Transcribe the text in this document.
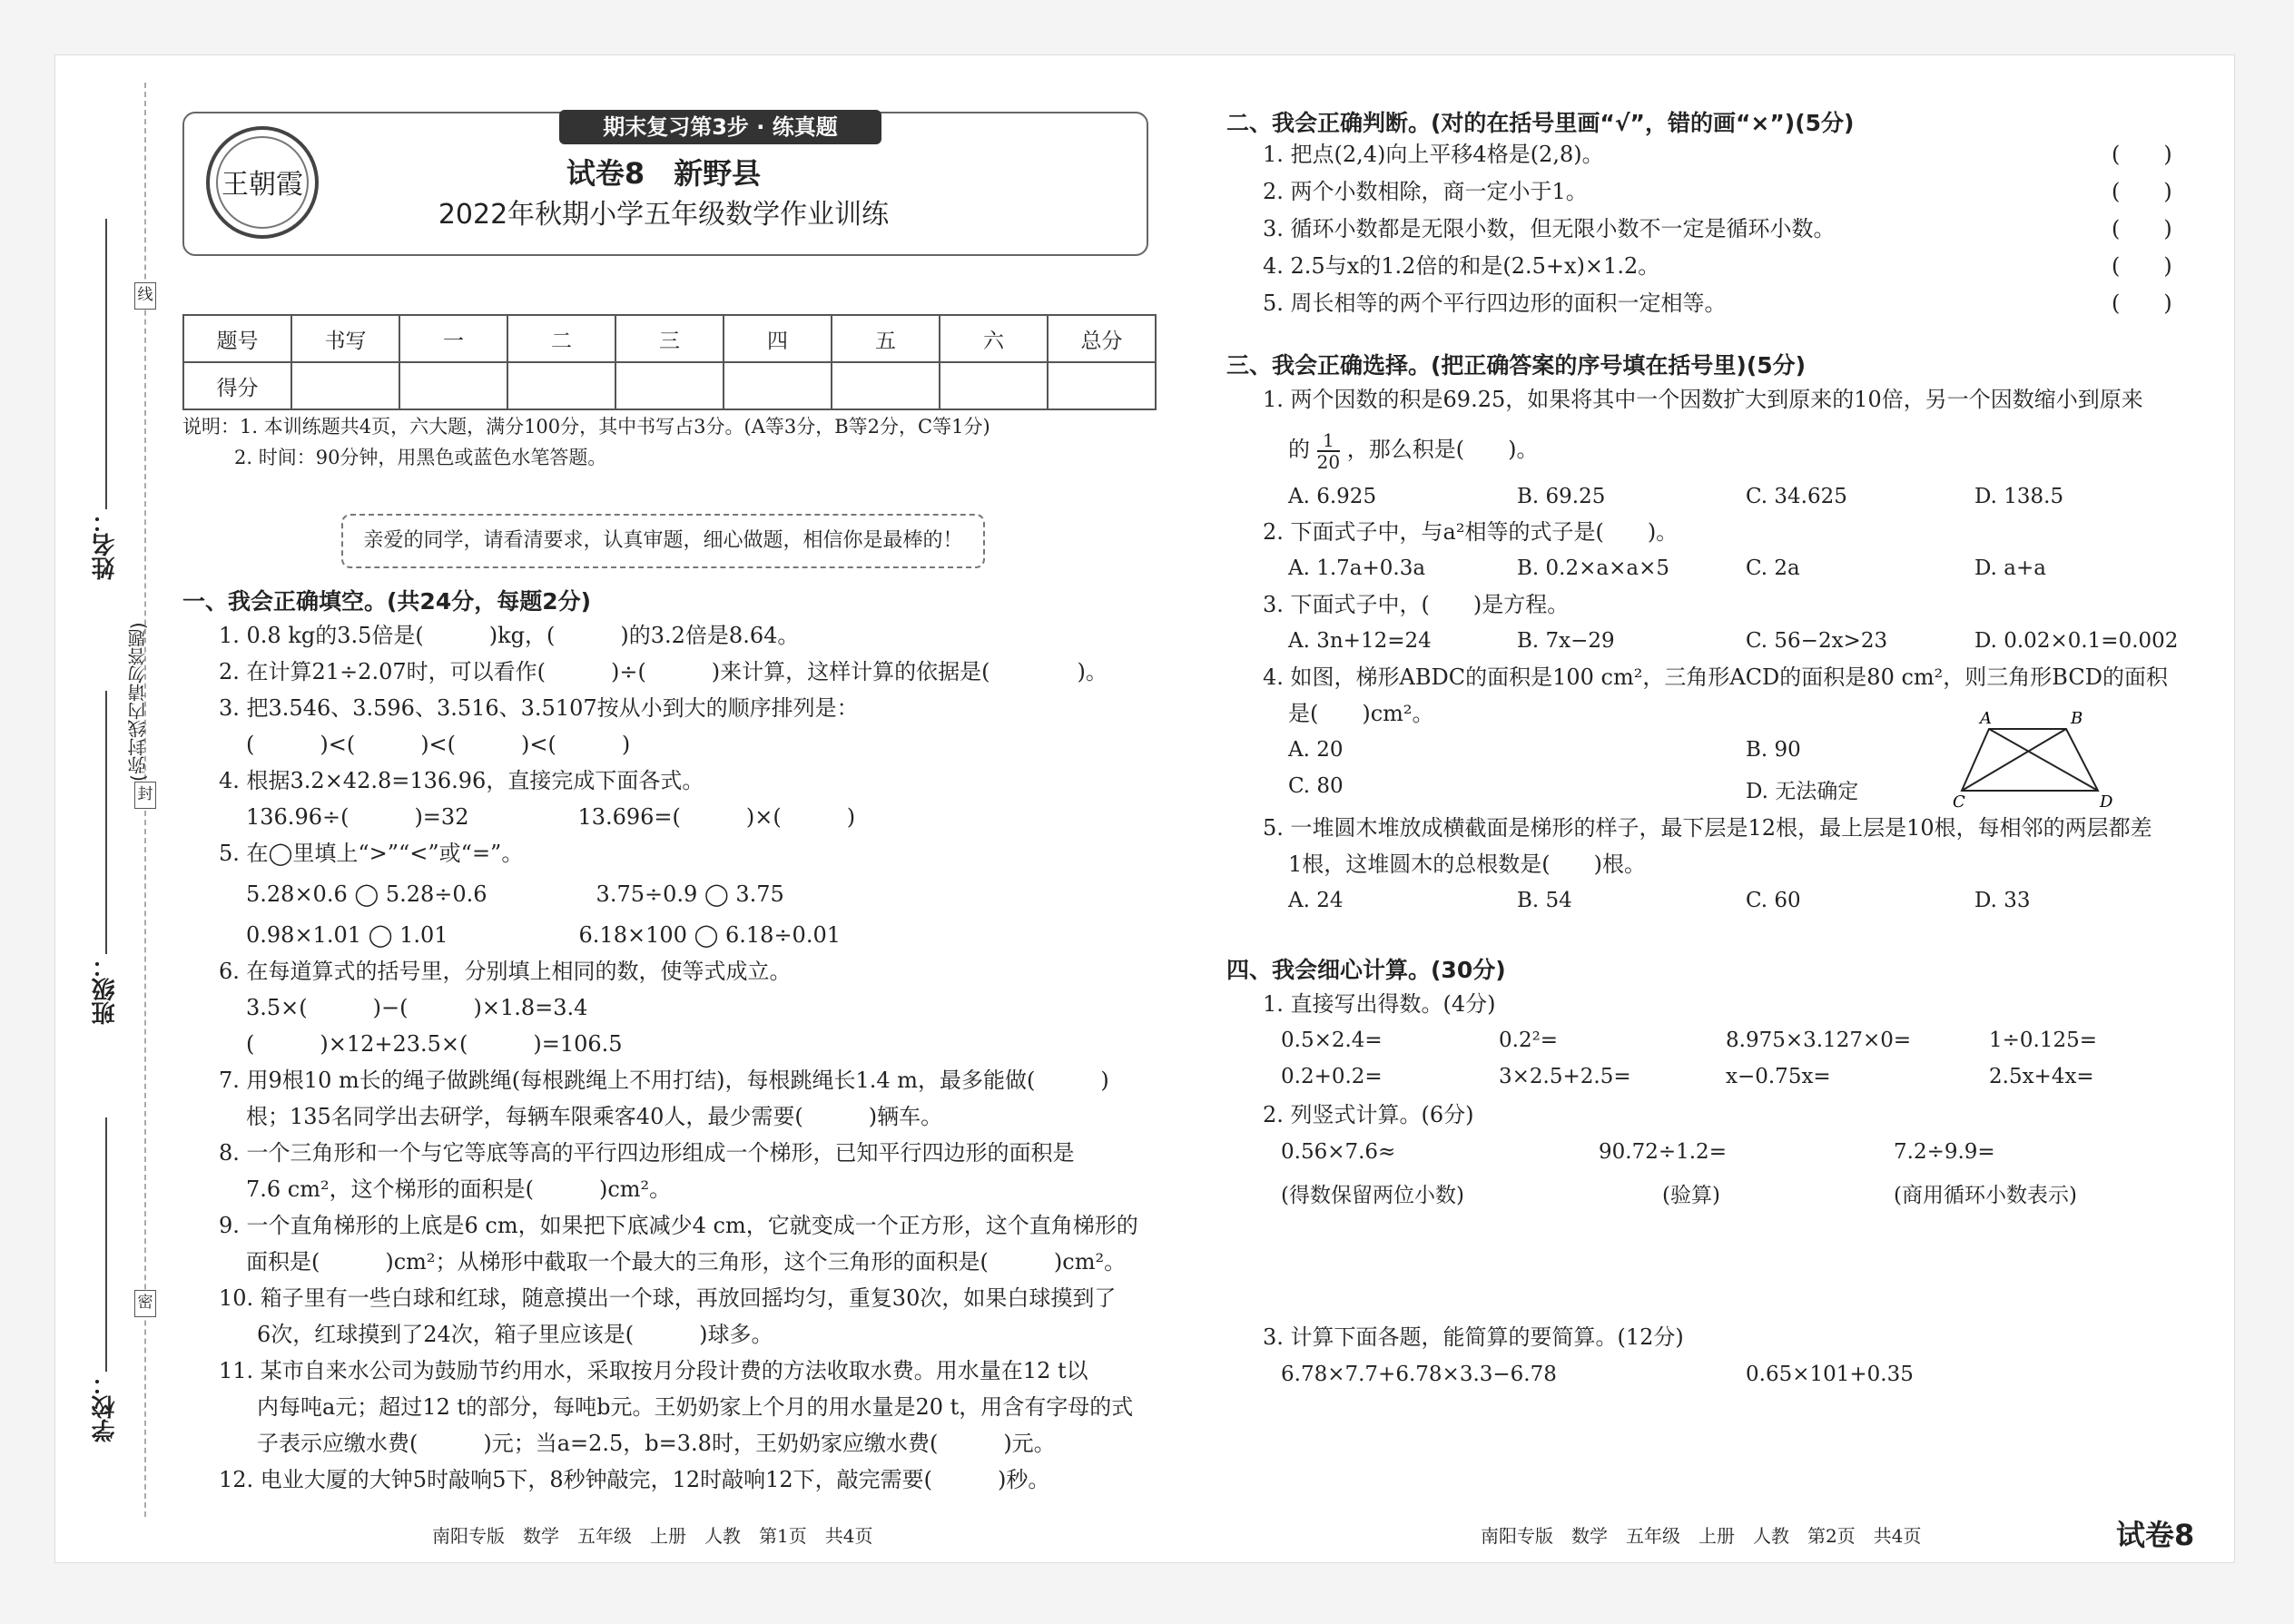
线
封
密
(弥封线内请勿答题)
姓名：
班级：
学校：
期末复习第3步 · 练真题
王朝霞	试卷8　新野县
2022年秋期小学五年级数学作业训练
题号	书写	一	二	三	四	五	六	总分
得分								
说明：1. 本训练题共4页，六大题，满分100分，其中书写占3分。(A等3分，B等2分，C等1分)
2. 时间：90分钟，用黑色或蓝色水笔答题。
亲爱的同学，请看清要求，认真审题，细心做题，相信你是最棒的！
一、我会正确填空。(共24分，每题2分)
1. 0.8 kg的3.5倍是(　　　)kg，(　　　)的3.2倍是8.64。
2. 在计算21÷2.07时，可以看作(　　　)÷(　　　)来计算，这样计算的依据是(　　　　)。
3. 把3.546、3.596、3.516、3.5107按从小到大的顺序排列是：
(　　　)<(　　　)<(　　　)<(　　　)
4. 根据3.2×42.8=136.96，直接完成下面各式。
136.96÷(　　　)=32　　　　　13.696=(　　　)×(　　　)
5. 在◯里填上“>”“<”或“=”。
5.28×0.6 ◯ 5.28÷0.6　　　　　3.75÷0.9 ◯ 3.75
0.98×1.01 ◯ 1.01　　　　　　6.18×100 ◯ 6.18÷0.01
6. 在每道算式的括号里，分别填上相同的数，使等式成立。
3.5×(　　　)−(　　　)×1.8=3.4
(　　　)×12+23.5×(　　　)=106.5
7. 用9根10 m长的绳子做跳绳(每根跳绳上不用打结)，每根跳绳长1.4 m，最多能做(　　　)
根；135名同学出去研学，每辆车限乘客40人，最少需要(　　　)辆车。
8. 一个三角形和一个与它等底等高的平行四边形组成一个梯形，已知平行四边形的面积是
7.6 cm²，这个梯形的面积是(　　　)cm²。
9. 一个直角梯形的上底是6 cm，如果把下底减少4 cm，它就变成一个正方形，这个直角梯形的
面积是(　　　)cm²；从梯形中截取一个最大的三角形，这个三角形的面积是(　　　)cm²。
10. 箱子里有一些白球和红球，随意摸出一个球，再放回摇均匀，重复30次，如果白球摸到了
6次，红球摸到了24次，箱子里应该是(　　　)球多。
11. 某市自来水公司为鼓励节约用水，采取按月分段计费的方法收取水费。用水量在12 t以
内每吨a元；超过12 t的部分，每吨b元。王奶奶家上个月的用水量是20 t，用含有字母的式
子表示应缴水费(　　　)元；当a=2.5，b=3.8时，王奶奶家应缴水费(　　　)元。
12. 电业大厦的大钟5时敲响5下，8秒钟敲完，12时敲响12下，敲完需要(　　　)秒。
南阳专版　数学　五年级　上册　人教　第1页　共4页
二、我会正确判断。(对的在括号里画“√”，错的画“×”)(5分)
1. 把点(2,4)向上平移4格是(2,8)。	(　　)
2. 两个小数相除，商一定小于1。	(　　)
3. 循环小数都是无限小数，但无限小数不一定是循环小数。	(　　)
4. 2.5与x的1.2倍的和是(2.5+x)×1.2。	(　　)
5. 周长相等的两个平行四边形的面积一定相等。	(　　)
三、我会正确选择。(把正确答案的序号填在括号里)(5分)
1. 两个因数的积是69.25，如果将其中一个因数扩大到原来的10倍，另一个因数缩小到原来
的 $\frac{1}{20}$ ，那么积是(　　)。
A. 6.925	B. 69.25	C. 34.625	D. 138.5
2. 下面式子中，与a²相等的式子是(　　)。
A. 1.7a+0.3a	B. 0.2×a×a×5	C. 2a	D. a+a
3. 下面式子中，(　　)是方程。
A. 3n+12=24	B. 7x−29	C. 56−2x>23	D. 0.02×0.1=0.002
4. 如图，梯形ABDC的面积是100 cm²，三角形ACD的面积是80 cm²，则三角形BCD的面积
是(　　)cm²。
A. 20	B. 90
C. 80	D. 无法确定
A	B
C	D
5. 一堆圆木堆放成横截面是梯形的样子，最下层是12根，最上层是10根，每相邻的两层都差
1根，这堆圆木的总根数是(　　)根。
A. 24	B. 54	C. 60	D. 33
四、我会细心计算。(30分)
1. 直接写出得数。(4分)
0.5×2.4=	0.2²=	8.975×3.127×0=	1÷0.125=
0.2+0.2=	3×2.5+2.5=	x−0.75x=	2.5x+4x=
2. 列竖式计算。(6分)
0.56×7.6≈	90.72÷1.2=	7.2÷9.9=
(得数保留两位小数)	(验算)	(商用循环小数表示)
3. 计算下面各题，能简算的要简算。(12分)
6.78×7.7+6.78×3.3−6.78	0.65×101+0.35
南阳专版　数学　五年级　上册　人教　第2页　共4页	试卷8
